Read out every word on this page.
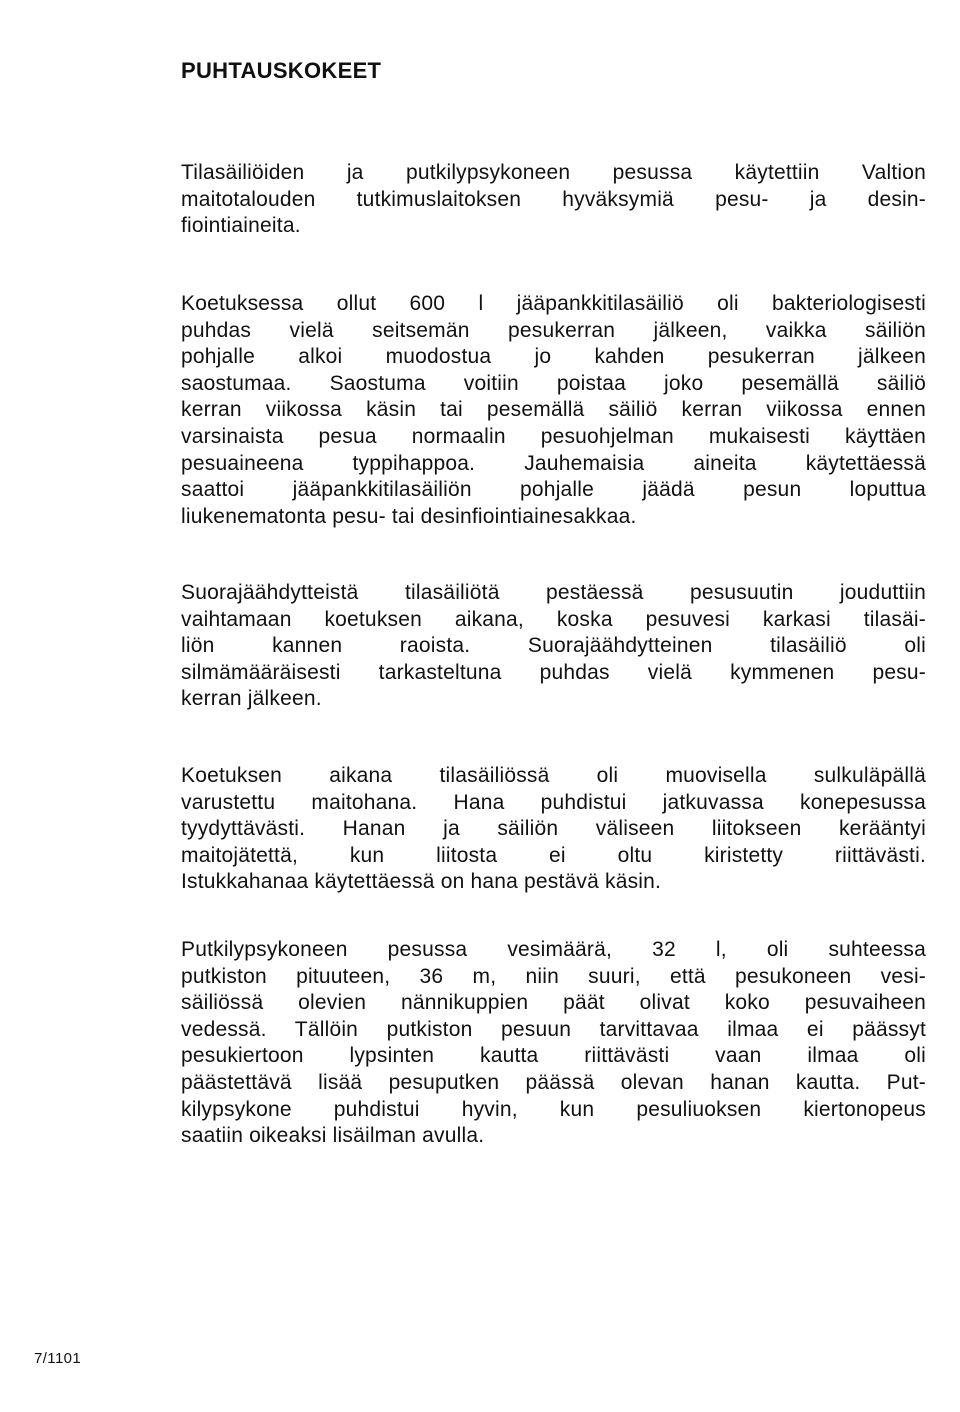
PUHTAUSKOKEET

Tilasäiliöiden ja putkilypsykoneen pesussa käytettiin Valtion
maitotalouden tutkimuslaitoksen hyväksymiä pesu- ja desin-
fiointiaineita.

Koetuksessa ollut 600 l jääpankkitilasäiliö oli bakteriologisesti
puhdas vielä seitsemän pesukerran jälkeen, vaikka säiliön
pohjalle alkoi muodostua jo kahden pesukerran jälkeen
saostumaa. Saostuma voitiin poistaa joko pesemällä säiliö
kerran viikossa käsin tai pesemällä säiliö kerran viikossa ennen
varsinaista pesua normaalin pesuohjelman mukaisesti käyttäen
pesuaineena typpihappoa. Jauhemaisia aineita käytettäessä
saattoi jääpankkitilasäiliön pohjalle jäädä pesun loputtua
liukenematonta pesu- tai desinfiointiainesakkaa.

Suorajäähdytteistä tilasäiliötä pestäessä pesusuutin jouduttiin
vaihtamaan koetuksen aikana, koska pesuvesi karkasi tilasäi-
liön kannen raoista. Suorajäähdytteinen tilasäiliö oli
silmämääräisesti tarkasteltuna puhdas vielä kymmenen pesu-
kerran jälkeen.

Koetuksen aikana tilasäiliössä oli muovisella sulkuläpällä
varustettu maitohana. Hana puhdistui jatkuvassa konepesussa
tyydyttävästi. Hanan ja säiliön väliseen liitokseen kerääntyi
maitojätettä, kun liitosta ei oltu kiristetty riittävästi.
Istukkahanaa käytettäessä on hana pestävä käsin.

Putkilypsykoneen pesussa vesimäärä, 32 l, oli suhteessa
putkiston pituuteen, 36 m, niin suuri, että pesukoneen vesi-
säiliössä olevien nännikuppien päät olivat koko pesuvaiheen
vedessä. Tällöin putkiston pesuun tarvittavaa ilmaa ei päässyt
pesukiertoon lypsinten kautta riittävästi vaan ilmaa oli
päästettävä lisää pesuputken päässä olevan hanan kautta. Put-
kilypsykone puhdistui hyvin, kun pesuliuoksen kiertonopeus
saatiin oikeaksi lisäilman avulla.

7/1101
